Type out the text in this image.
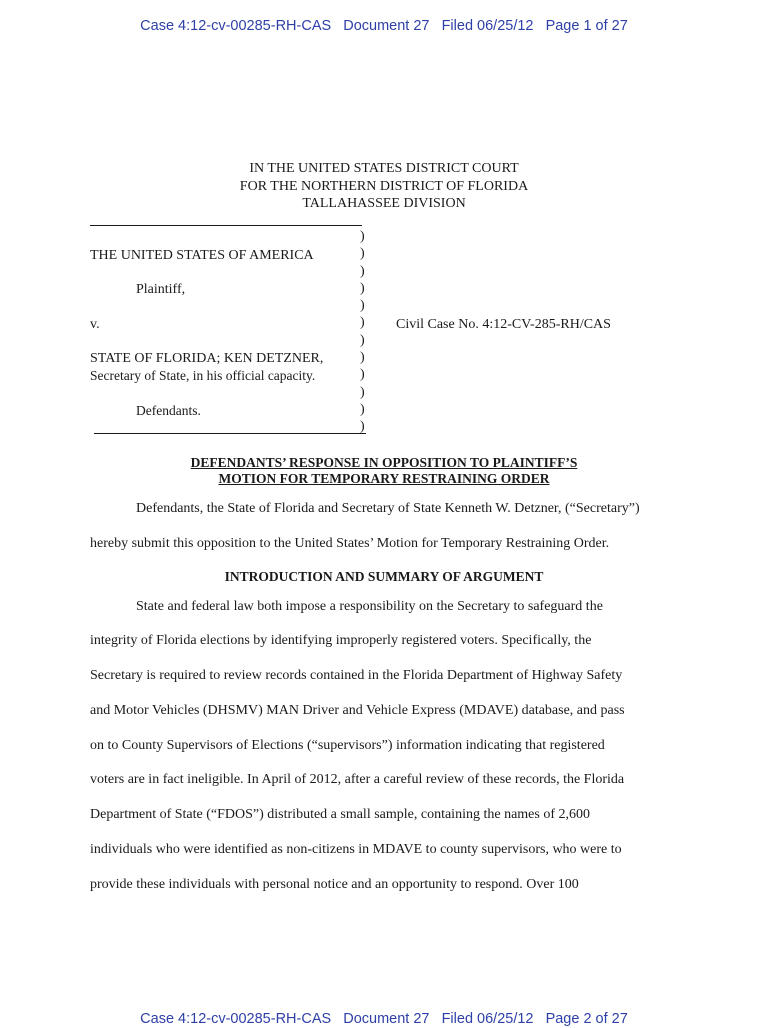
Case 4:12-cv-00285-RH-CAS   Document 27   Filed 06/25/12   Page 1 of 27
IN THE UNITED STATES DISTRICT COURT
FOR THE NORTHERN DISTRICT OF FLORIDA
TALLAHASSEE DIVISION
THE UNITED STATES OF AMERICA
Plaintiff,
v.
STATE OF FLORIDA; KEN DETZNER,
Secretary of State, in his official capacity.
Defendants.
)
)
)
)
)
)
)
)
)
)
)
)
Civil Case No. 4:12-CV-285-RH/CAS
DEFENDANTS’ RESPONSE IN OPPOSITION TO PLAINTIFF’S
MOTION FOR TEMPORARY RESTRAINING ORDER
Defendants, the State of Florida and Secretary of State Kenneth W. Detzner, (“Secretary”)
hereby submit this opposition to the United States’ Motion for Temporary Restraining Order.
INTRODUCTION AND SUMMARY OF ARGUMENT
State and federal law both impose a responsibility on the Secretary to safeguard the
integrity of Florida elections by identifying improperly registered voters. Specifically, the
Secretary is required to review records contained in the Florida Department of Highway Safety
and Motor Vehicles (DHSMV) MAN Driver and Vehicle Express (MDAVE) database, and pass
on to County Supervisors of Elections (“supervisors”) information indicating that registered
voters are in fact ineligible. In April of 2012, after a careful review of these records, the Florida
Department of State (“FDOS”) distributed a small sample, containing the names of 2,600
individuals who were identified as non-citizens in MDAVE to county supervisors, who were to
provide these individuals with personal notice and an opportunity to respond. Over 100
Case 4:12-cv-00285-RH-CAS   Document 27   Filed 06/25/12   Page 2 of 27
